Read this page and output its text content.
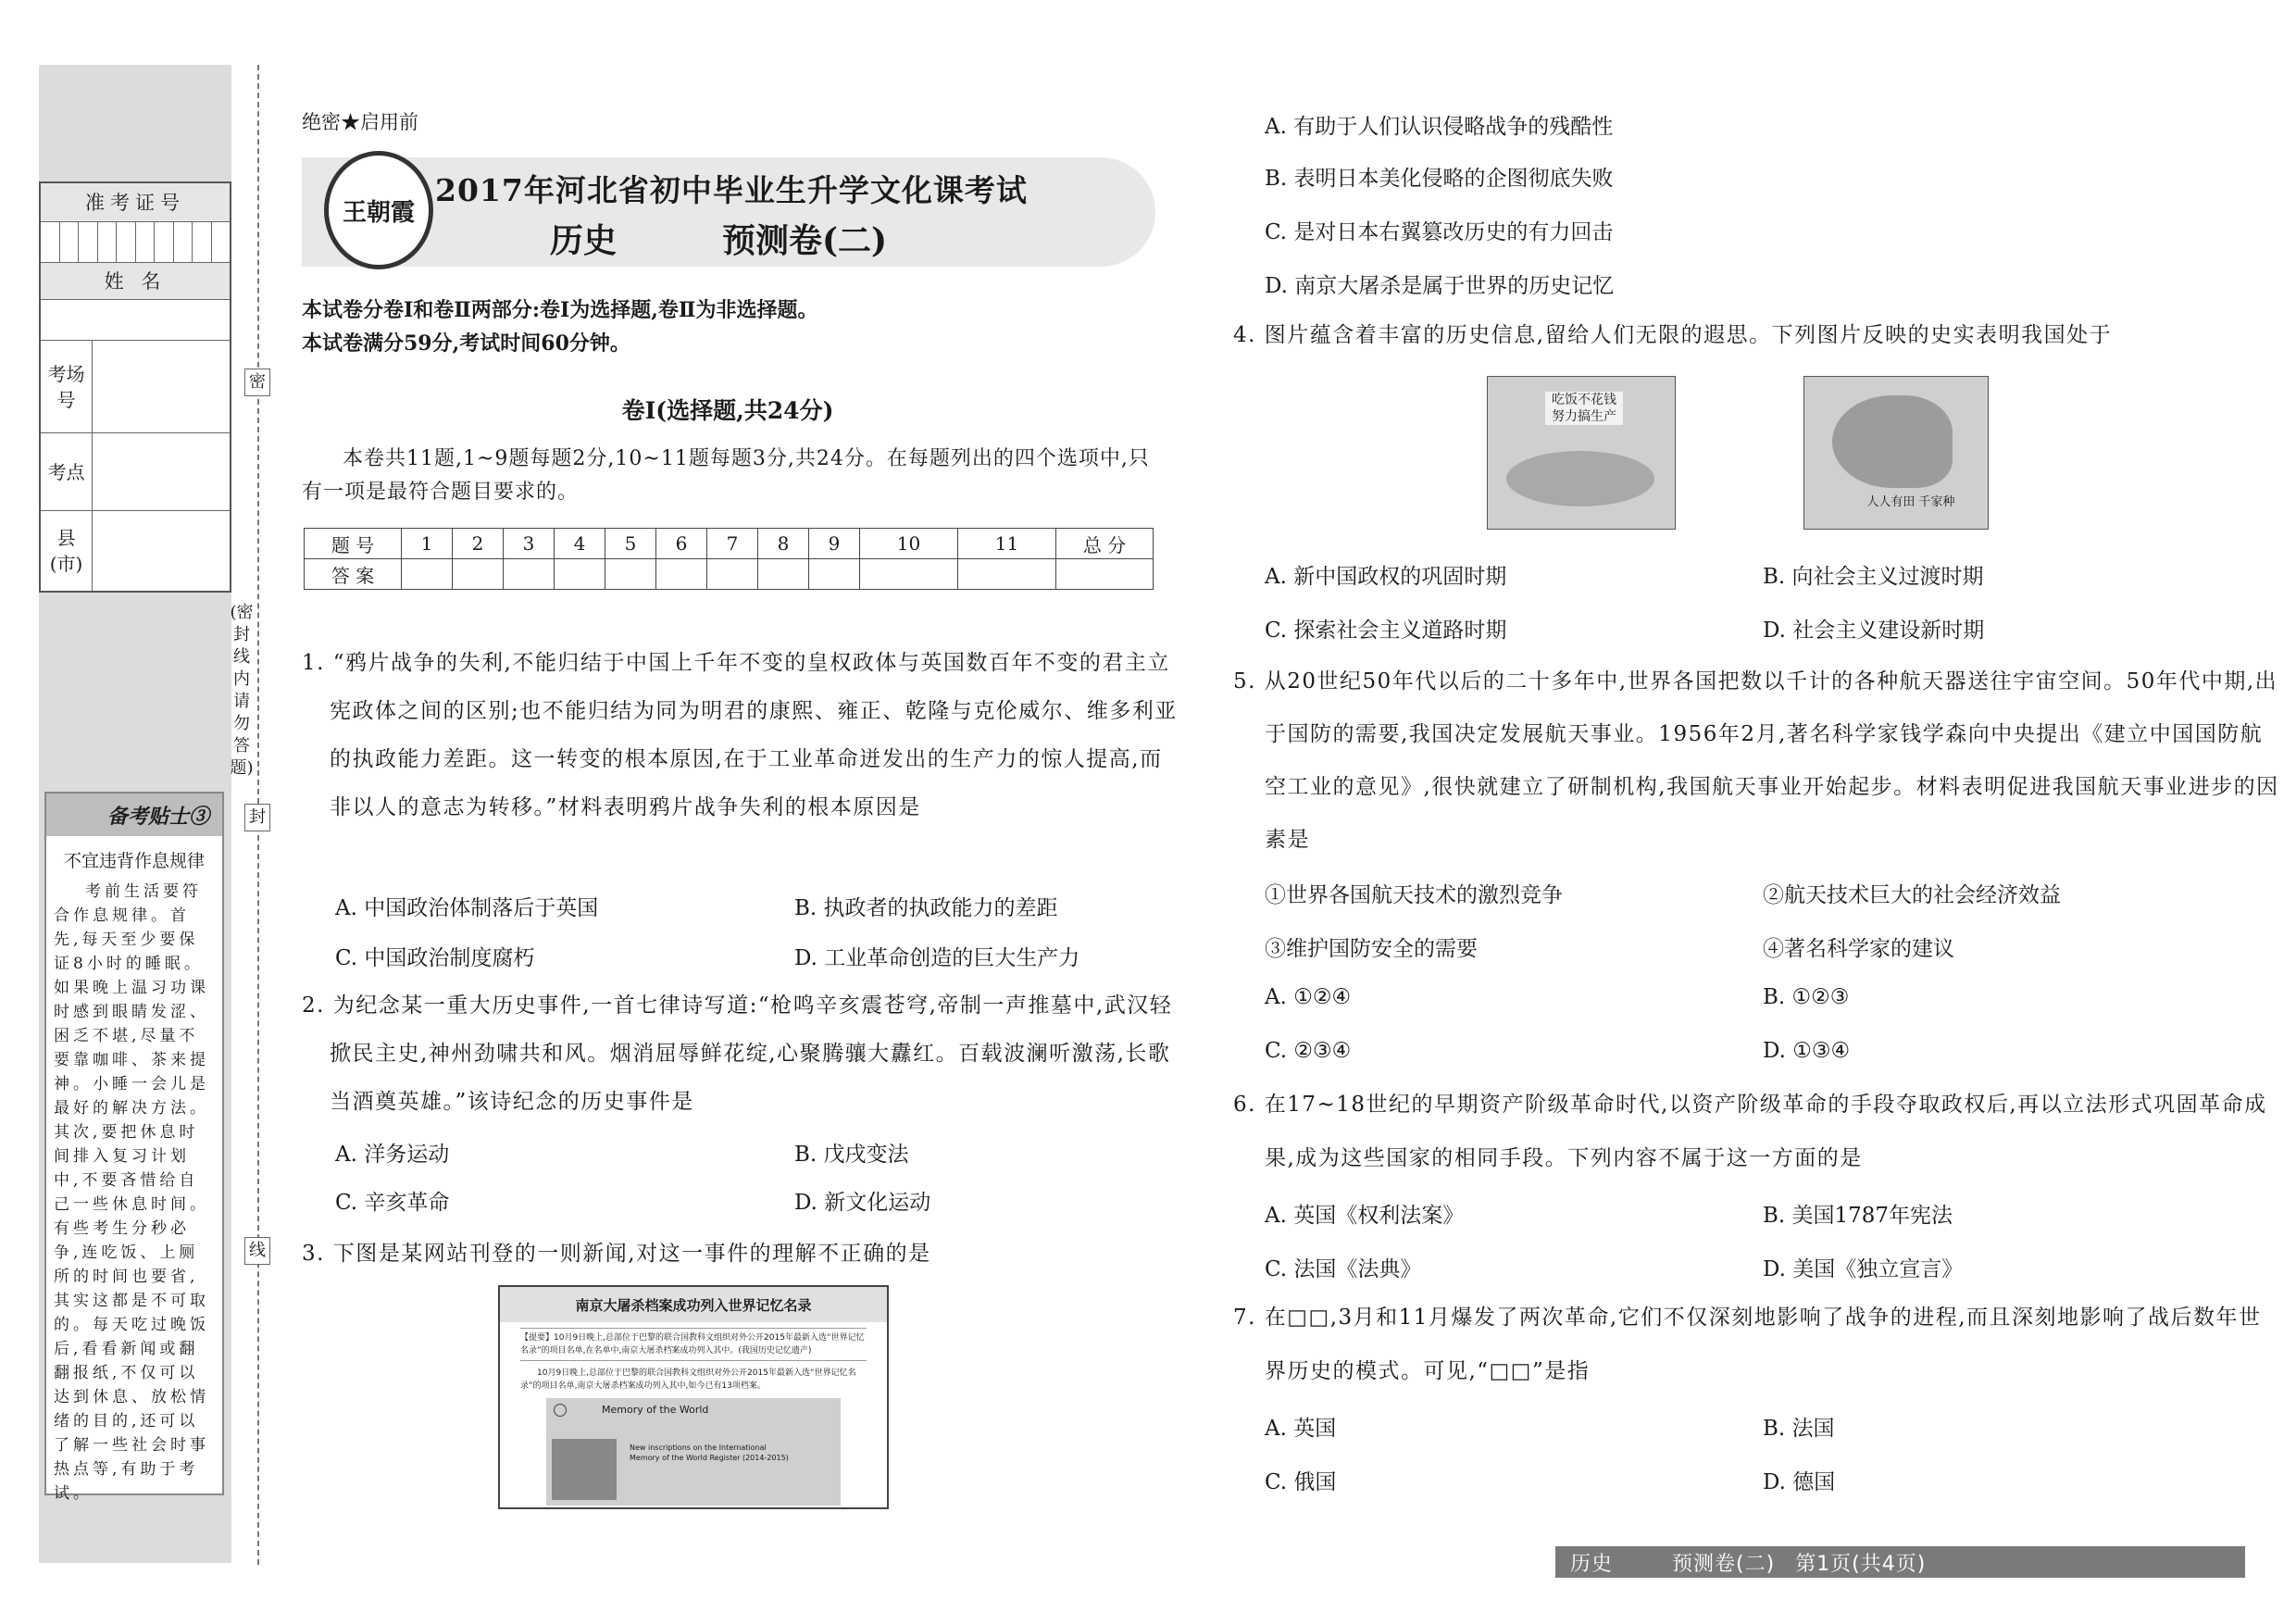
准考证号
姓 名
考场号
考点
县(市)
备考贴士③
不宜违背作息规律
考前生活要符合作息规律。首先,每天至少要保证8小时的睡眠。如果晚上温习功课时感到眼睛发涩、困乏不堪,尽量不要靠咖啡、茶来提神。小睡一会儿是最好的解决方法。其次,要把休息时间排入复习计划中,不要吝惜给自己一些休息时间。有些考生分秒必争,连吃饭、上厕所的时间也要省,其实这都是不可取的。每天吃过晚饭后,看看新闻或翻翻报纸,不仅可以达到休息、放松情绪的目的,还可以了解一些社会时事热点等,有助于考试。
密
(密封线内请勿答题)
封
线
绝密★启用前
王朝霞
2017年河北省初中毕业生升学文化课考试
历史	预测卷(二)
本试卷分卷Ⅰ和卷Ⅱ两部分:卷Ⅰ为选择题,卷Ⅱ为非选择题。
本试卷满分59分,考试时间60分钟。
卷Ⅰ(选择题,共24分)
本卷共11题,1~9题每题2分,10~11题每题3分,共24分。在每题列出的四个选项中,只有一项是最符合题目要求的。
题 号	1	2	3	4	5	6	7	8	9	10	11	总 分
答 案												
1. “鸦片战争的失利,不能归结于中国上千年不变的皇权政体与英国数百年不变的君主立宪政体之间的区别;也不能归结为同为明君的康熙、雍正、乾隆与克伦威尔、维多利亚的执政能力差距。这一转变的根本原因,在于工业革命迸发出的生产力的惊人提高,而非以人的意志为转移。”材料表明鸦片战争失利的根本原因是
A. 中国政治体制落后于英国	B. 执政者的执政能力的差距
C. 中国政治制度腐朽	D. 工业革命创造的巨大生产力
2. 为纪念某一重大历史事件,一首七律诗写道:“枪鸣辛亥震苍穹,帝制一声推墓中,武汉轻掀民主史,神州劲啸共和风。烟消屈辱鲜花绽,心聚腾骧大纛红。百载波澜听激荡,长歌当酒奠英雄。”该诗纪念的历史事件是
A. 洋务运动	B. 戊戌变法
C. 辛亥革命	D. 新文化运动
3. 下图是某网站刊登的一则新闻,对这一事件的理解不正确的是
南京大屠杀档案成功列入世界记忆名录
【提要】10月9日晚上,总部位于巴黎的联合国教科文组织对外公开2015年最新入选“世界记忆名录”的项目名单,在名单中,南京大屠杀档案成功列入其中。(我国历史记忆遗产)
10月9日晚上,总部位于巴黎的联合国教科文组织对外公开2015年最新入选“世界记忆名录”的项目名单,南京大屠杀档案成功列入其中,如今已有13项档案。
Memory of the World
New inscriptions on the International Memory of the World Register (2014-2015)
A. 有助于人们认识侵略战争的残酷性
B. 表明日本美化侵略的企图彻底失败
C. 是对日本右翼篡改历史的有力回击
D. 南京大屠杀是属于世界的历史记忆
4. 图片蕴含着丰富的历史信息,留给人们无限的遐思。下列图片反映的史实表明我国处于
吃饭不花钱 努力搞生产
人人有田 千家种
A. 新中国政权的巩固时期	B. 向社会主义过渡时期
C. 探索社会主义道路时期	D. 社会主义建设新时期
5. 从20世纪50年代以后的二十多年中,世界各国把数以千计的各种航天器送往宇宙空间。50年代中期,出于国防的需要,我国决定发展航天事业。1956年2月,著名科学家钱学森向中央提出《建立中国国防航空工业的意见》,很快就建立了研制机构,我国航天事业开始起步。材料表明促进我国航天事业进步的因素是
①世界各国航天技术的激烈竞争	②航天技术巨大的社会经济效益
③维护国防安全的需要	④著名科学家的建议
A. ①②④	B. ①②③
C. ②③④	D. ①③④
6. 在17~18世纪的早期资产阶级革命时代,以资产阶级革命的手段夺取政权后,再以立法形式巩固革命成果,成为这些国家的相同手段。下列内容不属于这一方面的是
A. 英国《权利法案》	B. 美国1787年宪法
C. 法国《法典》	D. 美国《独立宣言》
7. 在□□,3月和11月爆发了两次革命,它们不仅深刻地影响了战争的进程,而且深刻地影响了战后数年世界历史的模式。可见,“□□”是指
A. 英国	B. 法国
C. 俄国	D. 德国
历史	预测卷(二) 第1页(共4页)
